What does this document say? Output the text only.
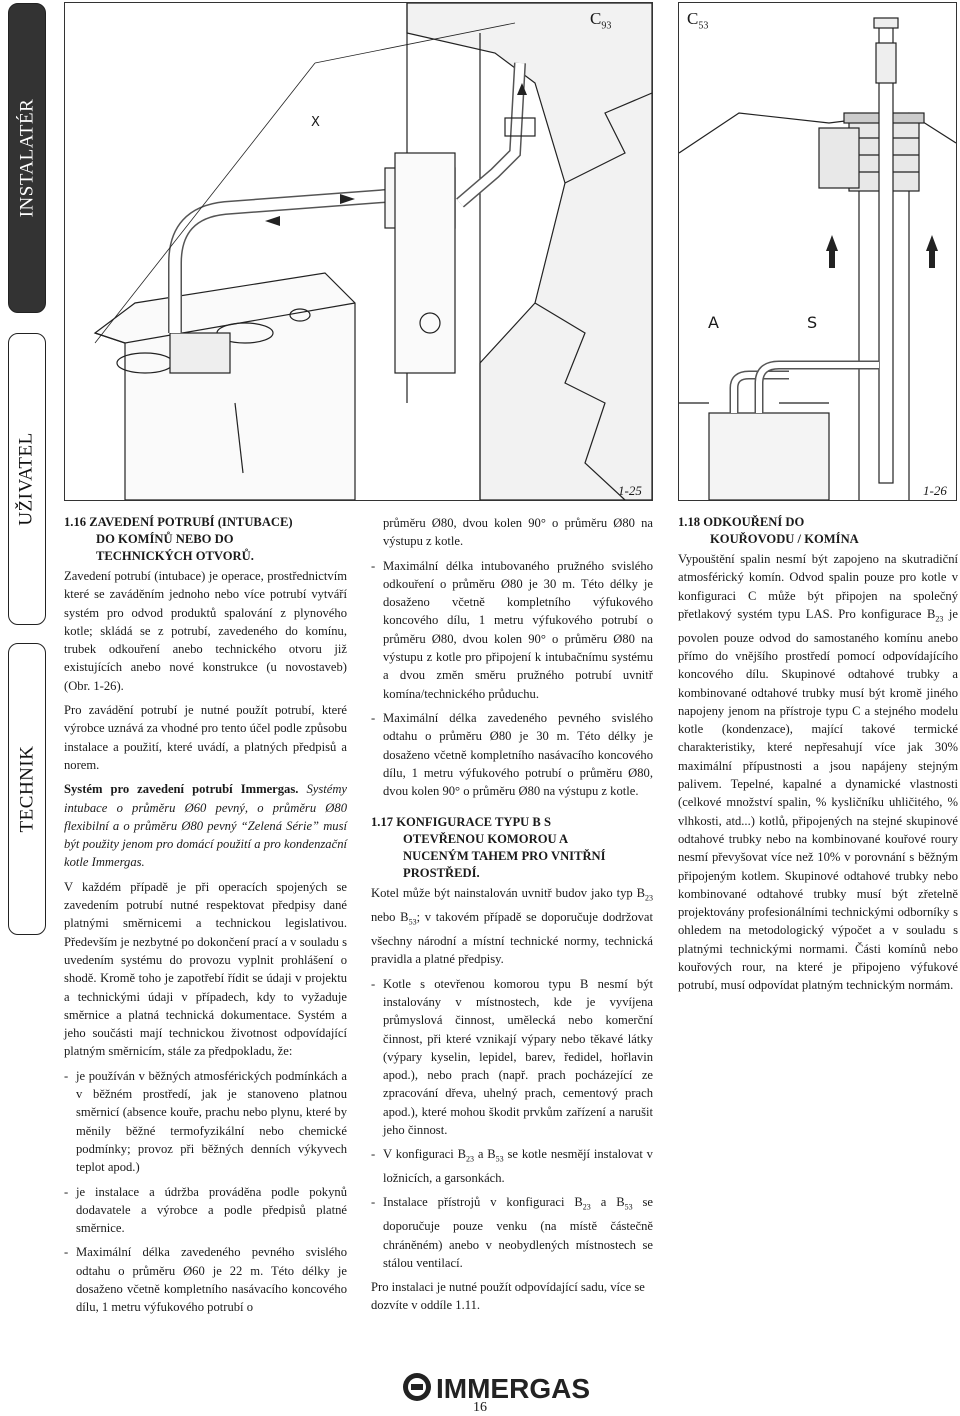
INSTALATÉR
UŽIVATEL
TECHNIK
$C_{93}$
X
1-25
$C_{53}$
A	S
1-26
1.16 ZAVEDENÍ POTRUBÍ (INTUBACE)
DO KOMÍNŮ NEBO DO
TECHNICKÝCH OTVORŮ.

Zavedení potrubí (intubace) je operace, prostřednictvím které se zaváděním jednoho nebo více potrubí vytváří systém pro odvod produktů spalování z plynového kotle; skládá se z potrubí, zavedeného do komínu, trubek odkouření anebo technického otvoru již existujících anebo nové konstrukce (u novostaveb) (Obr. 1-26).

Pro zavádění potrubí je nutné použít potrubí, které výrobce uznává za vhodné pro tento účel podle způsobu instalace a použití, které uvádí, a platných předpisů a norem.

Systém pro zavedení potrubí Immergas. Systémy intubace o průměru Ø60 pevný, o průměru Ø80 flexibilní a o průměru Ø80 pevný “Zelená Série” musí být použity jenom pro domácí použití a pro kondenzační kotle Immergas.

V každém případě je při operacích spojených se zavedením potrubí nutné respektovat předpisy dané platnými směrnicemi a technickou legislativou. Především je nezbytné po dokončení prací a v souladu s uvedením systému do provozu vyplnit prohlášení o shodě. Kromě toho je zapotřebí řídit se údaji v projektu a technickými údaji v případech, kdy to vyžaduje směrnice a platná technická dokumentace. Systém a jeho součásti mají technickou životnost odpovídající platným směrnicím, stále za předpokladu, že:

- je používán v běžných atmosférických podmínkách a v běžném prostředí, jak je stanoveno platnou směrnicí (absence kouře, prachu nebo plynu, které by měnily běžné termofyzikální nebo chemické podmínky; provoz při běžných denních výkyvech teplot apod.)
- je instalace a údržba prováděna podle pokynů dodavatele a výrobce a podle předpisů platné směrnice.
- Maximální délka zavedeného pevného svislého odtahu o průměru Ø60 je 22 m. Této délky je dosaženo včetně kompletního nasávacího koncového dílu, 1 metru výfukového potrubí o

průměru Ø80, dvou kolen 90° o průměru Ø80 na výstupu z kotle.

- Maximální délka intubovaného pružného svislého odkouření o průměru Ø80 je 30 m. Této délky je dosaženo včetně kompletního výfukového koncového dílu, 1 metru výfukového potrubí o průměru Ø80, dvou kolen 90° o průměru Ø80 na výstupu z kotle pro připojení k intubačnímu systému a dvou změn směru pružného potrubí uvnitř komína/technického průduchu.
- Maximální délka zavedeného pevného svislého odtahu o průměru Ø80 je 30 m. Této délky je dosaženo včetně kompletního nasávacího koncového dílu, 1 metru výfukového potrubí o průměru Ø80, dvou kolen 90° o průměru Ø80 na výstupu z kotle.
1.17 KONFIGURACE TYPU B S
OTEVŘENOU KOMOROU A
NUCENÝM TAHEM PRO VNITŘNÍ
PROSTŘEDÍ.

Kotel může být nainstalován uvnitř budov jako typ $B_{23}$ nebo $B_{53}$; v takovém případě se doporučuje dodržovat všechny národní a místní technické normy, technická pravidla a platné předpisy.

- Kotle s otevřenou komorou typu B nesmí být instalovány v místnostech, kde je vyvíjena průmyslová činnost, umělecká nebo komerční činnost, při které vznikají výpary nebo těkavé látky (výpary kyselin, lepidel, barev, ředidel, hořlavin apod.), nebo prach (např. prach pocházející ze zpracování dřeva, uhelný prach, cementový prach apod.), které mohou škodit prvkům zařízení a narušit jeho činnost.
- V konfiguraci $B_{23}$ a $B_{53}$ se kotle nesmějí instalovat v ložnicích, a garsonkách.
- Instalace přístrojů v konfiguraci $B_{23}$ a $B_{53}$ se doporučuje pouze venku (na místě částečně chráněném) anebo v neobydlených místnostech se stálou ventilací.

Pro instalaci je nutné použít odpovídající sadu, více se dozvíte v oddíle 1.11.

1.18 ODKOUŘENÍ DO
KOUŘOVODU / KOMÍNA

Vypouštění spalin nesmí být zapojeno na skutradiční atmosférický komín. Odvod spalin pouze pro kotle v konfiguraci C může být připojen na společný přetlakový systém typu LAS. Pro konfigurace $B_{23}$ je povolen pouze odvod do samostaného komínu anebo přímo do vnějšího prostředí pomocí odpovídajícího koncového dílu. Skupinové odtahové trubky a kombinované odtahové trubky musí být kromě jiného napojeny jenom na přístroje typu C a stejného modelu kotle (kondenzace), mající takové termické charakteristiky, které nepřesahují více jak 30% maximální přípustnosti a jsou napájeny stejným palivem. Tepelné, kapalné a dynamické vlastnosti (celkové množství spalin, % kysličníku uhličitého, % vlhkosti, atd...) kotlů, připojených na stejné skupinové odtahové trubky nebo na kombinované kouřové roury nesmí převyšovat více než 10% v porovnání s běžným připojeným kotlem. Skupinové odtahové trubky nebo kombinované odtahové trubky musí být zřetelně projektovány profesionálními technickými odborníky s ohledem na metodologický výpočet a v souladu s platnými technickými normami. Části komínů nebo kouřových rour, na které je připojeno výfukové potrubí, musí odpovídat platným technickým normám.

IMMERGAS
16
